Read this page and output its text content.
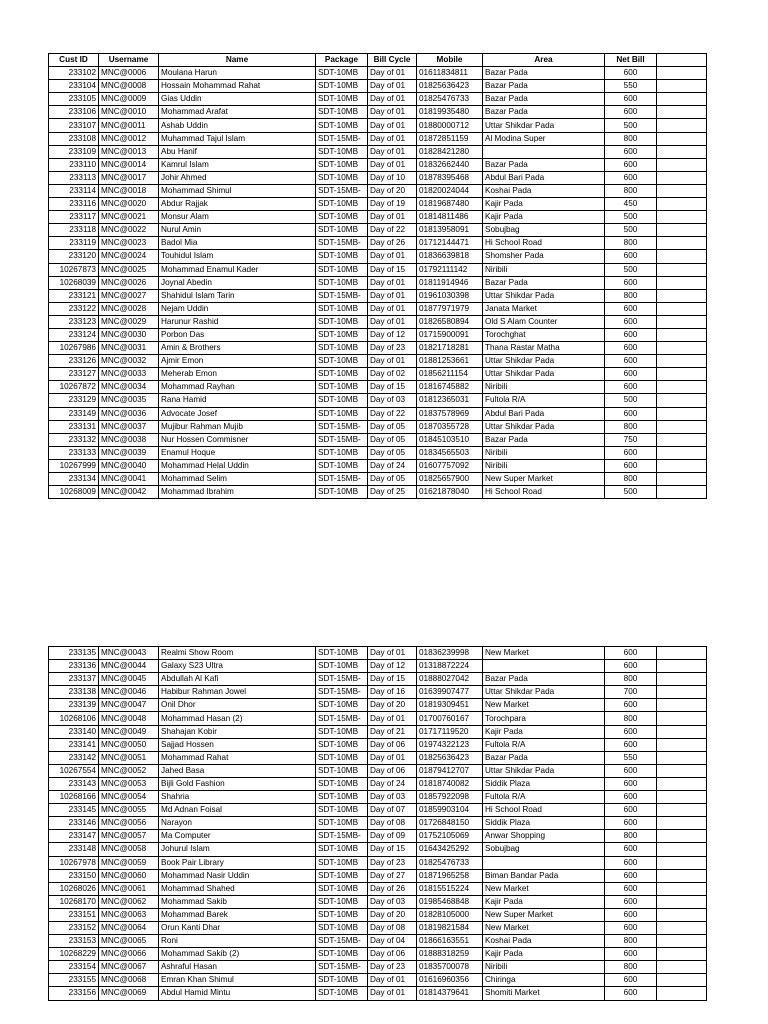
Cust ID	Username	Name	Package	Bill Cycle	Mobile	Area	Net Bill	
233102	MNC@0006	Moulana Harun	SDT-10MB	Day of 01	01611834811	Bazar Pada	600	
233104	MNC@0008	Hossain Mohammad Rahat	SDT-10MB	Day of 01	01825636423	Bazar Pada	550	
233105	MNC@0009	Gias Uddin	SDT-10MB	Day of 01	01825476733	Bazar Pada	600	
233106	MNC@0010	Mohammad Arafat	SDT-10MB	Day of 01	01819935480	Bazar Pada	600	
233107	MNC@0011	Ashab Uddin	SDT-10MB	Day of 01	01880000712	Uttar Shikdar Pada	500	
233108	MNC@0012	Muhammad Tajul Islam	SDT-15MB-	Day of 01	01872851159	Al Modina Super	800	
233109	MNC@0013	Abu Hanif	SDT-10MB	Day of 01	01828421280		600	
233110	MNC@0014	Kamrul Islam	SDT-10MB	Day of 01	01832662440	Bazar Pada	600	
233113	MNC@0017	Johir Ahmed	SDT-10MB	Day of 10	01878395468	Abdul Bari Pada	600	
233114	MNC@0018	Mohammad Shimul	SDT-15MB-	Day of 20	01820024044	Koshai Pada	800	
233116	MNC@0020	Abdur Rajjak	SDT-10MB	Day of 19	01819687480	Kajir Pada	450	
233117	MNC@0021	Monsur Alam	SDT-10MB	Day of 01	01814811486	Kajir Pada	500	
233118	MNC@0022	Nurul Amin	SDT-10MB	Day of 22	01813958091	Sobujbag	500	
233119	MNC@0023	Badol Mia	SDT-15MB-	Day of 26	01712144471	Hi School Road	800	
233120	MNC@0024	Touhidul Islam	SDT-10MB	Day of 01	01836639818	Shomsher Pada	600	
10267873	MNC@0025	Mohammad Enamul Kader	SDT-10MB	Day of 15	01792111142	Niribili	500	
10268039	MNC@0026	Joynal Abedin	SDT-10MB	Day of 01	01811914946	Bazar Pada	600	
233121	MNC@0027	Shahidul Islam Tarin	SDT-15MB-	Day of 01	01961030398	Uttar Shikdar Pada	800	
233122	MNC@0028	Nejam Uddin	SDT-10MB	Day of 01	01877971979	Janata Market	600	
233123	MNC@0029	Harunur Rashid	SDT-10MB	Day of 01	01826580894	Old S Alam Counter	600	
233124	MNC@0030	Porbon Das	SDT-10MB	Day of 12	01715900091	Torochghat	600	
10267986	MNC@0031	Amin & Brothers	SDT-10MB	Day of 23	01821718281	Thana Rastar Matha	600	
233126	MNC@0032	Ajmir Emon	SDT-10MB	Day of 01	01881253661	Uttar Shikdar Pada	600	
233127	MNC@0033	Meherab Emon	SDT-10MB	Day of 02	01856211154	Uttar Shikdar Pada	600	
10267872	MNC@0034	Mohammad Rayhan	SDT-10MB	Day of 15	01816745882	Niribili	600	
233129	MNC@0035	Rana Hamid	SDT-10MB	Day of 03	01812365031	Fultola R/A	500	
233149	MNC@0036	Advocate Josef	SDT-10MB	Day of 22	01837578969	Abdul Bari Pada	600	
233131	MNC@0037	Mujibur Rahman Mujib	SDT-15MB-	Day of 05	01870355728	Uttar Shikdar Pada	800	
233132	MNC@0038	Nur Hossen Commisner	SDT-15MB-	Day of 05	01845103510	Bazar Pada	750	
233133	MNC@0039	Enamul Hoque	SDT-10MB	Day of 05	01834565503	Niribili	600	
10267999	MNC@0040	Mohammad Helal Uddin	SDT-10MB	Day of 24	01607757092	Niribili	600	
233134	MNC@0041	Mohammad Selim	SDT-15MB-	Day of 05	01825657900	New Super Market	800	
10268009	MNC@0042	Mohammad Ibrahim	SDT-10MB	Day of 25	01621878040	Hi School Road	500	
233135	MNC@0043	Realmi Show Room	SDT-10MB	Day of 01	01836239998	New Market	600	
233136	MNC@0044	Galaxy S23 Ultra	SDT-10MB	Day of 12	01318872224		600	
233137	MNC@0045	Abdullah Al Kafi	SDT-15MB-	Day of 15	01888027042	Bazar Pada	800	
233138	MNC@0046	Habibur Rahman Jowel	SDT-15MB-	Day of 16	01639907477	Uttar Shikdar Pada	700	
233139	MNC@0047	Onil Dhor	SDT-10MB	Day of 20	01819309451	New Market	600	
10268106	MNC@0048	Mohammad Hasan (2)	SDT-15MB-	Day of 01	01700760167	Torochpara	800	
233140	MNC@0049	Shahajan Kobir	SDT-10MB	Day of 21	01717119520	Kajir Pada	600	
233141	MNC@0050	Sajjad Hossen	SDT-10MB	Day of 06	01974322123	Fultola R/A	600	
233142	MNC@0051	Mohammad Rahat	SDT-10MB	Day of 01	01825636423	Bazar Pada	550	
10267554	MNC@0052	Jahed Basa	SDT-10MB	Day of 06	01879412707	Uttar Shikdar Pada	600	
233143	MNC@0053	Bijli Gold Fashion	SDT-10MB	Day of 24	01818740082	Siddik Plaza	600	
10268166	MNC@0054	Shahria	SDT-10MB	Day of 03	01857922098	Fultola R/A	600	
233145	MNC@0055	Md Adnan Foisal	SDT-10MB	Day of 07	01859903104	Hi School Road	600	
233146	MNC@0056	Narayon	SDT-10MB	Day of 08	01726848150	Siddik Plaza	600	
233147	MNC@0057	Ma Computer	SDT-15MB-	Day of 09	01752105069	Anwar Shopping	800	
233148	MNC@0058	Johurul Islam	SDT-10MB	Day of 15	01643425292	Sobujbag	600	
10267978	MNC@0059	Book Pair Library	SDT-10MB	Day of 23	01825476733		600	
233150	MNC@0060	Mohammad Nasir Uddin	SDT-10MB	Day of 27	01871965258	Biman Bandar Pada	600	
10268026	MNC@0061	Mohammad Shahed	SDT-10MB	Day of 26	01815515224	New Market	600	
10268170	MNC@0062	Mohammad Sakib	SDT-10MB	Day of 03	01985468848	Kajir Pada	600	
233151	MNC@0063	Mohammad Barek	SDT-10MB	Day of 20	01828105000	New Super Market	600	
233152	MNC@0064	Orun Kanti Dhar	SDT-10MB	Day of 08	01819821584	New Market	600	
233153	MNC@0065	Roni	SDT-15MB-	Day of 04	01866163551	Koshai Pada	800	
10268229	MNC@0066	Mohammad Sakib (2)	SDT-10MB	Day of 06	01888318259	Kajir Pada	600	
233154	MNC@0067	Ashraful Hasan	SDT-15MB-	Day of 23	01835700078	Niribili	800	
233155	MNC@0068	Emran Khan Shimul	SDT-10MB	Day of 01	01616960356	Chiringa	600	
233156	MNC@0069	Abdul Hamid Mintu	SDT-10MB	Day of 01	01814379641	Shomiti Market	600	
